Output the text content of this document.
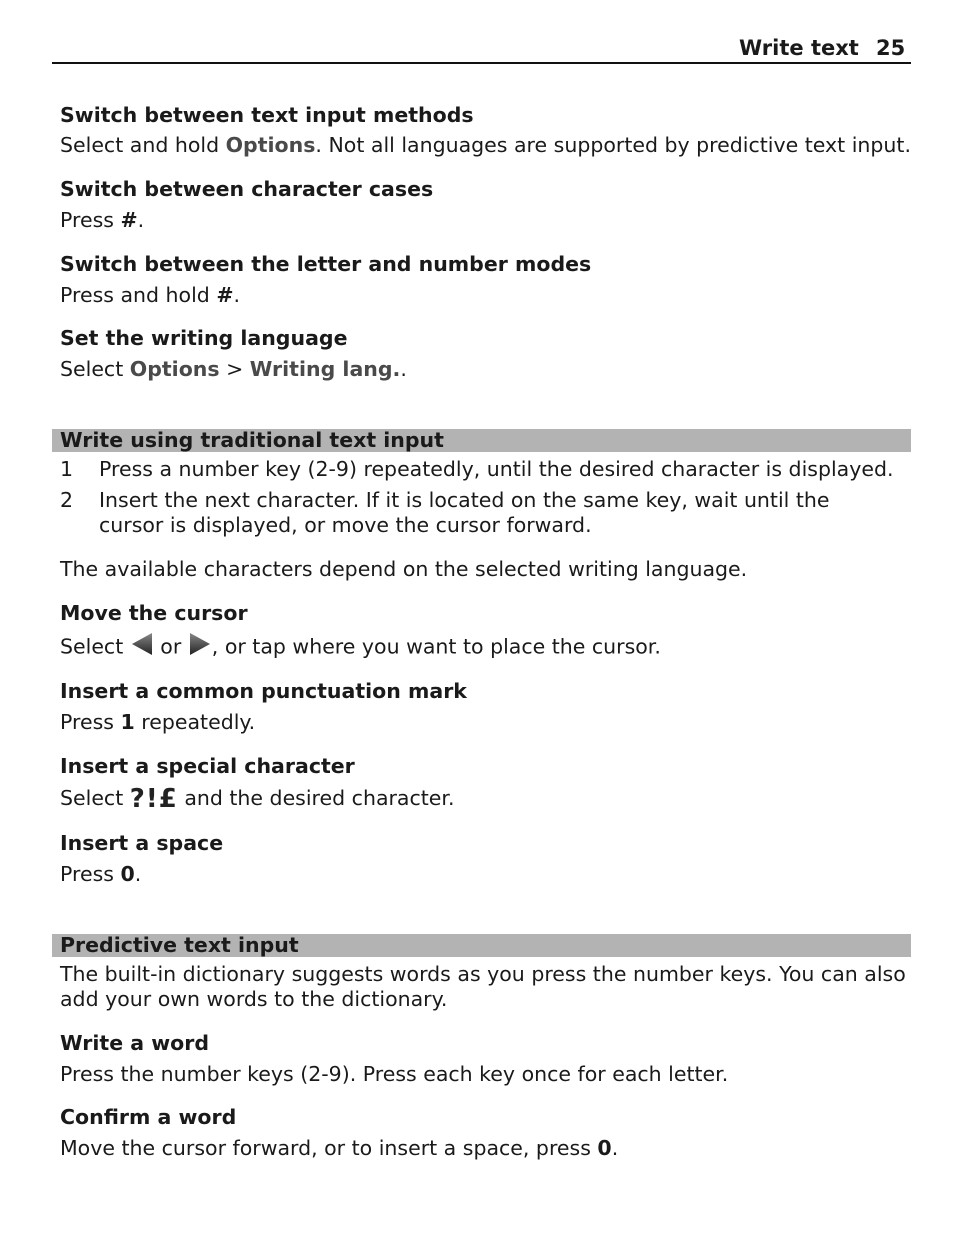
Write text 25
Switch between text input methods
Select and hold Options. Not all languages are supported by predictive text input.
Switch between character cases
Press #.
Switch between the letter and number modes
Press and hold #.
Set the writing language
Select Options > Writing lang..
Write using traditional text input
1 Press a number key (2-9) repeatedly, until the desired character is displayed.
2 Insert the next character. If it is located on the same key, wait until the cursor is displayed, or move the cursor forward.
The available characters depend on the selected writing language.
Move the cursor
Select  or , or tap where you want to place the cursor.
Insert a common punctuation mark
Press 1 repeatedly.
Insert a special character
Select ?!£ and the desired character.
Insert a space
Press 0.
Predictive text input
The built-in dictionary suggests words as you press the number keys. You can also add your own words to the dictionary.
Write a word
Press the number keys (2-9). Press each key once for each letter.
Confirm a word
Move the cursor forward, or to insert a space, press 0.
